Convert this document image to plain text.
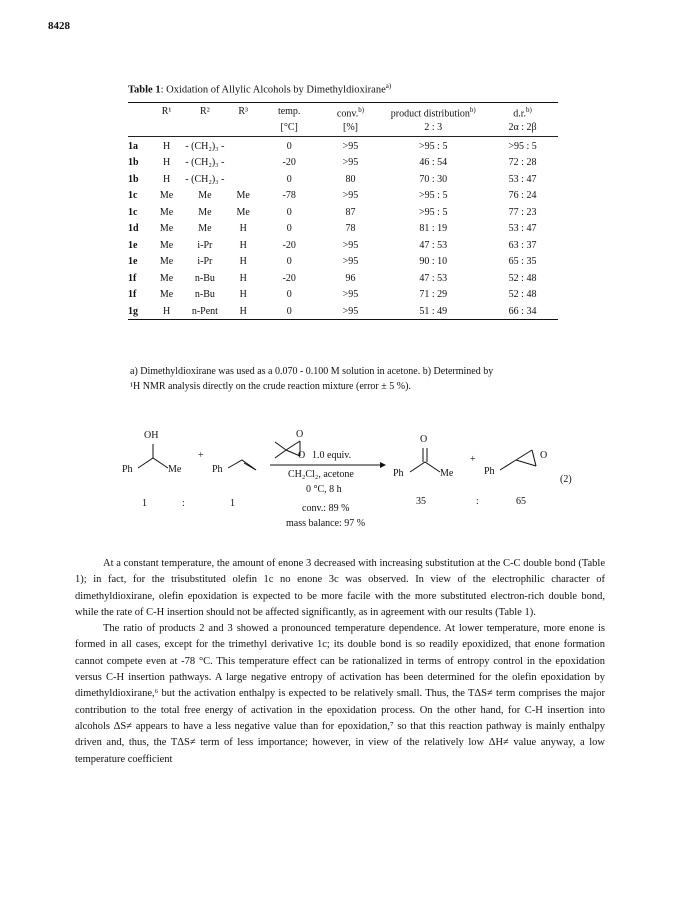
8428
Table 1: Oxidation of Allylic Alcohols by Dimethyldioxirane$^{a)}$
	R¹	R²	R³	temp.	conv.$^{b)}$	product distribution$^{b)}$	d.r.$^{b)}$
				[°C]	[%]	2 : 3	2α : 2β

1a	H	- (CH₂)₃ -		0	>95	>95 : 5	>95 : 5
1b	H	- (CH₂)₃ -		-20	>95	46 : 54	72 : 28
1b	H	- (CH₂)₃ -		0	80	70 : 30	53 : 47
1c	Me	Me	Me	-78	>95	>95 : 5	76 : 24
1c	Me	Me	Me	0	87	>95 : 5	77 : 23
1d	Me	Me	H	0	78	81 : 19	53 : 47
1e	Me	i-Pr	H	-20	>95	47 : 53	63 : 37
1e	Me	i-Pr	H	0	>95	90 : 10	65 : 35
1f	Me	n-Bu	H	-20	96	47 : 53	52 : 48
1f	Me	n-Bu	H	0	>95	71 : 29	52 : 48
1g	H	n-Pent	H	0	>95	51 : 49	66 : 34
a) Dimethyldioxirane was used as a 0.070 - 0.100 M solution in acetone. b) Determined by
¹H NMR analysis directly on the crude reaction mixture (error ± 5 %).
OH
Ph	Me
+
Ph
O
O 1.0 equiv.
CH₂Cl₂, acetone
0 °C, 8 h
O
Ph	Me
+
Ph
O
(2)
1	:	1	35	:	65
conv.: 89 %
mass balance: 97 %

At a constant temperature, the amount of enone 3 decreased with increasing substitution at the C-C double bond (Table 1); in fact, for the trisubstituted olefin 1c no enone 3c was observed. In view of the electrophilic character of dimethyldioxirane, olefin epoxidation is expected to be more facile with the more substituted electron-rich double bond, while the rate of C-H insertion should not be affected significantly, as in agreement with our results (Table 1).

The ratio of products 2 and 3 showed a pronounced temperature dependence. At lower temperature, more enone is formed in all cases, except for the trimethyl derivative 1c; its double bond is so readily epoxidized, that enone formation cannot compete even at -78 °C. This temperature effect can be rationalized in terms of entropy control in the epoxidation versus C-H insertion pathways. A large negative entropy of activation has been determined for the olefin epoxidation by dimethyldioxirane,⁶ but the activation enthalpy is expected to be relatively small. Thus, the TΔS≠ term comprises the major contribution to the total free energy of activation in the epoxidation process. On the other hand, for C-H insertion into alcohols ΔS≠ appears to have a less negative value than for epoxidation,⁷ so that this reaction pathway is mainly enthalpy driven and, thus, the TΔS≠ term of less importance; however, in view of the relatively low ΔH≠ value anyway, a low temperature coefficient
